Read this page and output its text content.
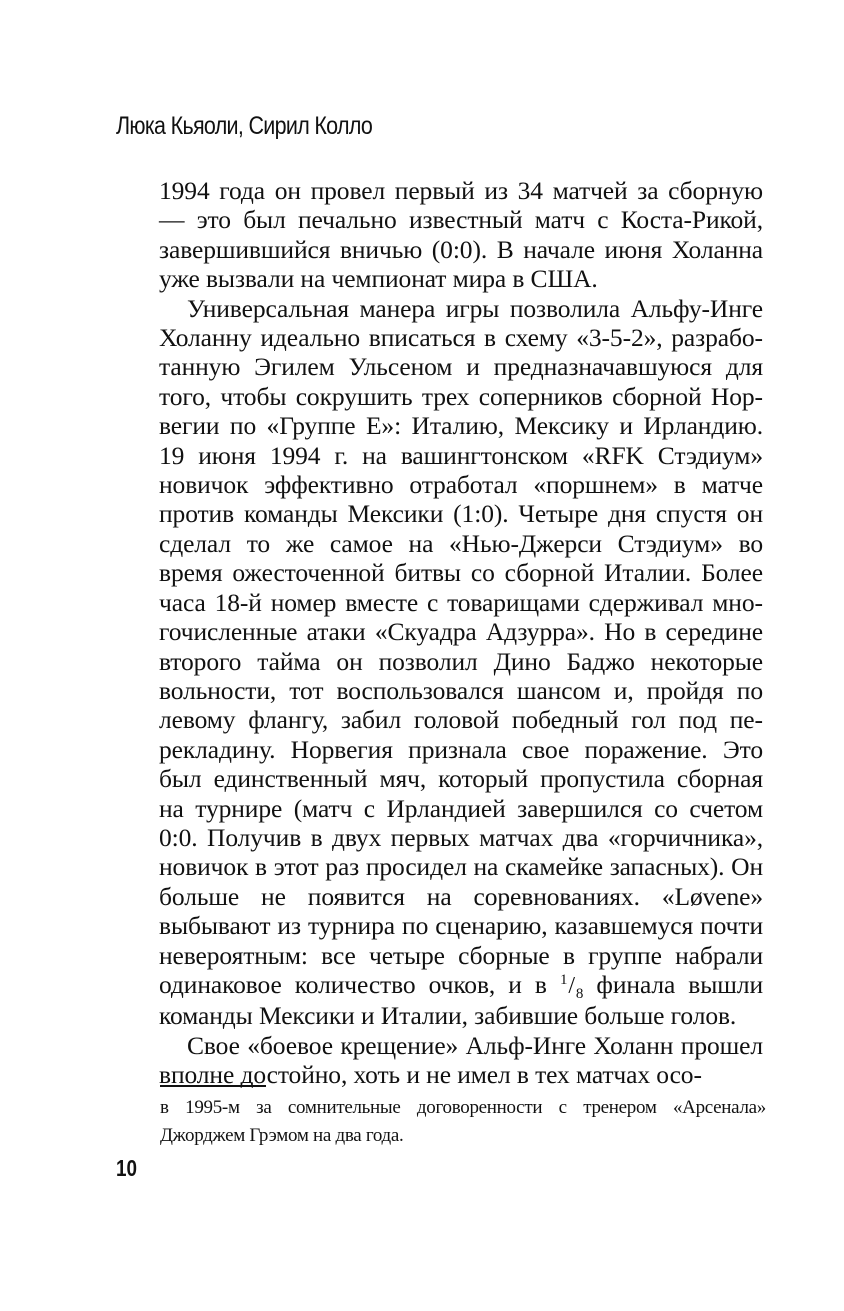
Люка Кьяоли, Сирил Колло

1994 года он провел первый из 34 матчей за сборную — это был печально известный матч с Коста-Рикой, завершившийся вничью (0:0). В начале июня Холанна уже вызвали на чемпионат мира в США.

Универсальная манера игры позволила Альфу-Инге Холанну идеально вписаться в схему «3-5-2», разработанную Эгилем Ульсеном и предназначавшуюся для того, чтобы сокрушить трех соперников сборной Норвегии по «Группе Е»: Италию, Мексику и Ирландию. 19 июня 1994 г. на вашингтонском «RFK Стэдиум» новичок эффективно отработал «поршнем» в матче против команды Мексики (1:0). Четыре дня спустя он сделал то же самое на «Нью-Джерси Стэдиум» во время ожесточенной битвы со сборной Италии. Более часа 18-й номер вместе с товарищами сдерживал многочисленные атаки «Скуадра Адзурра». Но в середине второго тайма он позволил Дино Баджо некоторые вольности, тот воспользовался шансом и, пройдя по левому флангу, забил головой победный гол под перекладину. Норвегия признала свое поражение. Это был единственный мяч, который пропустила сборная на турнире (матч с Ирландией завершился со счетом 0:0. Получив в двух первых матчах два «горчичника», новичок в этот раз просидел на скамейке запасных). Он больше не появится на соревнованиях. «Løvene» выбывают из турнира по сценарию, казавшемуся почти невероятным: все четыре сборные в группе набрали одинаковое количество очков, и в $^1/_8$ финала вышли команды Мексики и Италии, забившие больше голов.

Свое «боевое крещение» Альф-Инге Холанн прошел вполне достойно, хоть и не имел в тех матчах осо-

в 1995-м за сомнительные договоренности с тренером «Арсенала» Джорджем Грэмом на два года.

10
